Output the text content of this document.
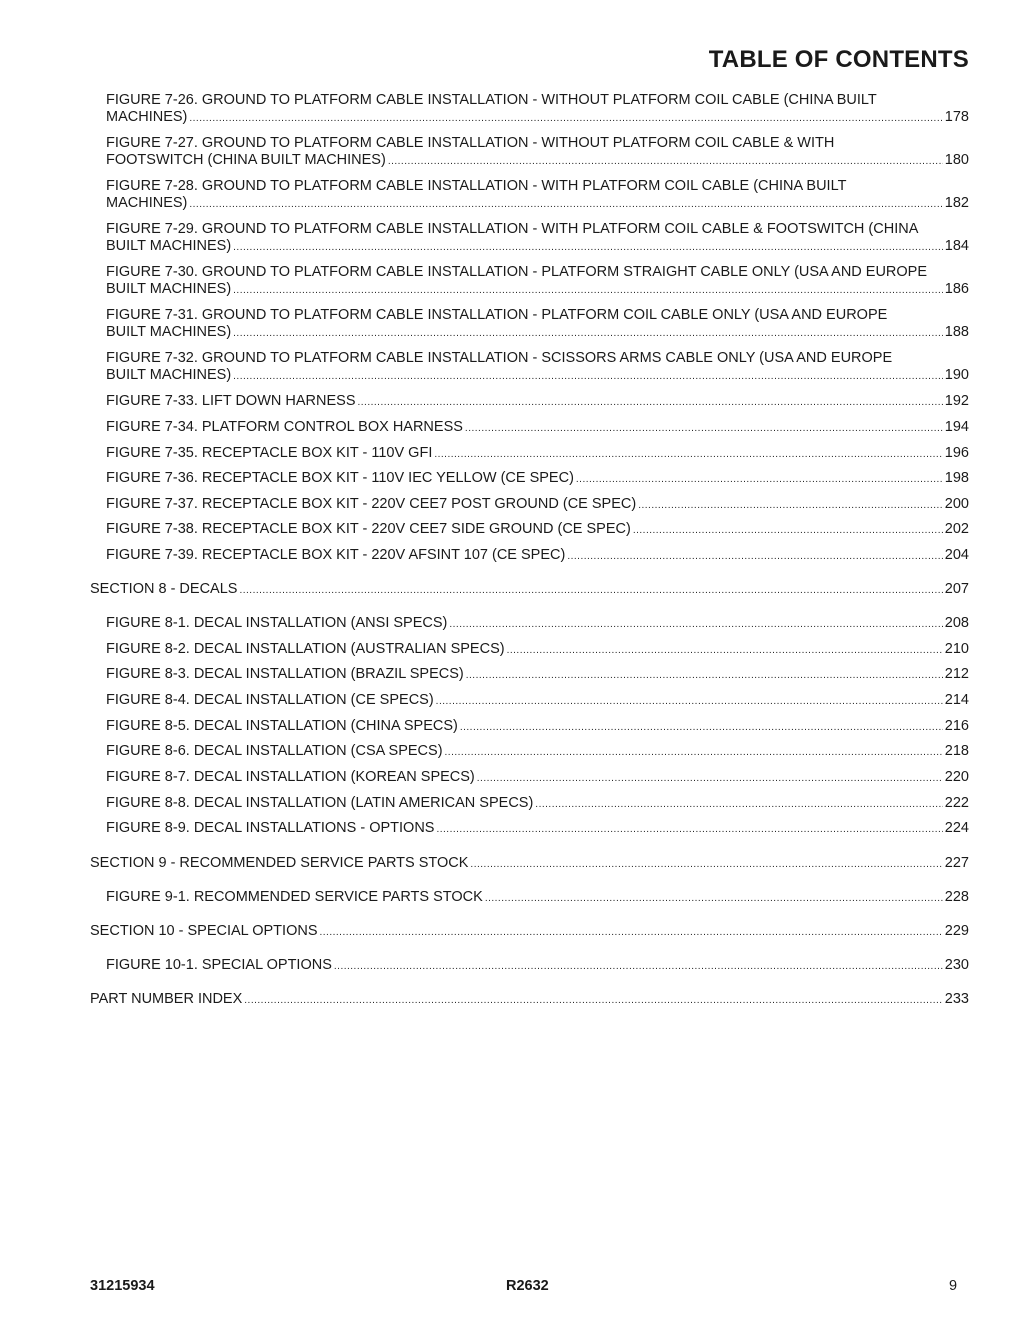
TABLE OF CONTENTS
FIGURE 7-26. GROUND TO PLATFORM CABLE INSTALLATION - WITHOUT PLATFORM COIL CABLE (CHINA BUILT
MACHINES) .....	178
FIGURE 7-27. GROUND TO PLATFORM CABLE INSTALLATION - WITHOUT PLATFORM COIL CABLE & WITH
FOOTSWITCH (CHINA BUILT MACHINES) .....	180
FIGURE 7-28. GROUND TO PLATFORM CABLE INSTALLATION - WITH PLATFORM COIL CABLE (CHINA BUILT
MACHINES) .....	182
FIGURE 7-29. GROUND TO PLATFORM CABLE INSTALLATION - WITH PLATFORM COIL CABLE & FOOTSWITCH (CHINA
BUILT MACHINES) .....	184
FIGURE 7-30. GROUND TO PLATFORM CABLE INSTALLATION - PLATFORM STRAIGHT CABLE ONLY (USA AND EUROPE
BUILT MACHINES) .....	186
FIGURE 7-31. GROUND TO PLATFORM CABLE INSTALLATION - PLATFORM COIL CABLE ONLY (USA AND EUROPE
BUILT MACHINES) .....	188
FIGURE 7-32. GROUND TO PLATFORM CABLE INSTALLATION - SCISSORS ARMS CABLE ONLY (USA AND EUROPE
BUILT MACHINES) .....	190
FIGURE 7-33. LIFT DOWN HARNESS .....	192
FIGURE 7-34. PLATFORM CONTROL BOX HARNESS .....	194
FIGURE 7-35. RECEPTACLE BOX KIT - 110V GFI .....	196
FIGURE 7-36. RECEPTACLE BOX KIT - 110V IEC YELLOW (CE SPEC) .....	198
FIGURE 7-37. RECEPTACLE BOX KIT - 220V CEE7 POST GROUND (CE SPEC) .....	200
FIGURE 7-38. RECEPTACLE BOX KIT - 220V CEE7 SIDE GROUND (CE SPEC) .....	202
FIGURE 7-39. RECEPTACLE BOX KIT - 220V AFSINT 107 (CE SPEC) .....	204
SECTION 8 - DECALS .....	207
FIGURE 8-1. DECAL INSTALLATION (ANSI SPECS) .....	208
FIGURE 8-2. DECAL INSTALLATION (AUSTRALIAN SPECS) .....	210
FIGURE 8-3. DECAL INSTALLATION (BRAZIL SPECS) .....	212
FIGURE 8-4. DECAL INSTALLATION (CE SPECS) .....	214
FIGURE 8-5. DECAL INSTALLATION (CHINA SPECS) .....	216
FIGURE 8-6. DECAL INSTALLATION (CSA SPECS) .....	218
FIGURE 8-7. DECAL INSTALLATION (KOREAN SPECS) .....	220
FIGURE 8-8. DECAL INSTALLATION (LATIN AMERICAN SPECS) .....	222
FIGURE 8-9. DECAL INSTALLATIONS - OPTIONS .....	224
SECTION 9 - RECOMMENDED SERVICE PARTS STOCK .....	227
FIGURE 9-1. RECOMMENDED SERVICE PARTS STOCK .....	228
SECTION 10 - SPECIAL OPTIONS .....	229
FIGURE 10-1. SPECIAL OPTIONS .....	230
PART NUMBER INDEX .....	233
31215934	R2632	9
